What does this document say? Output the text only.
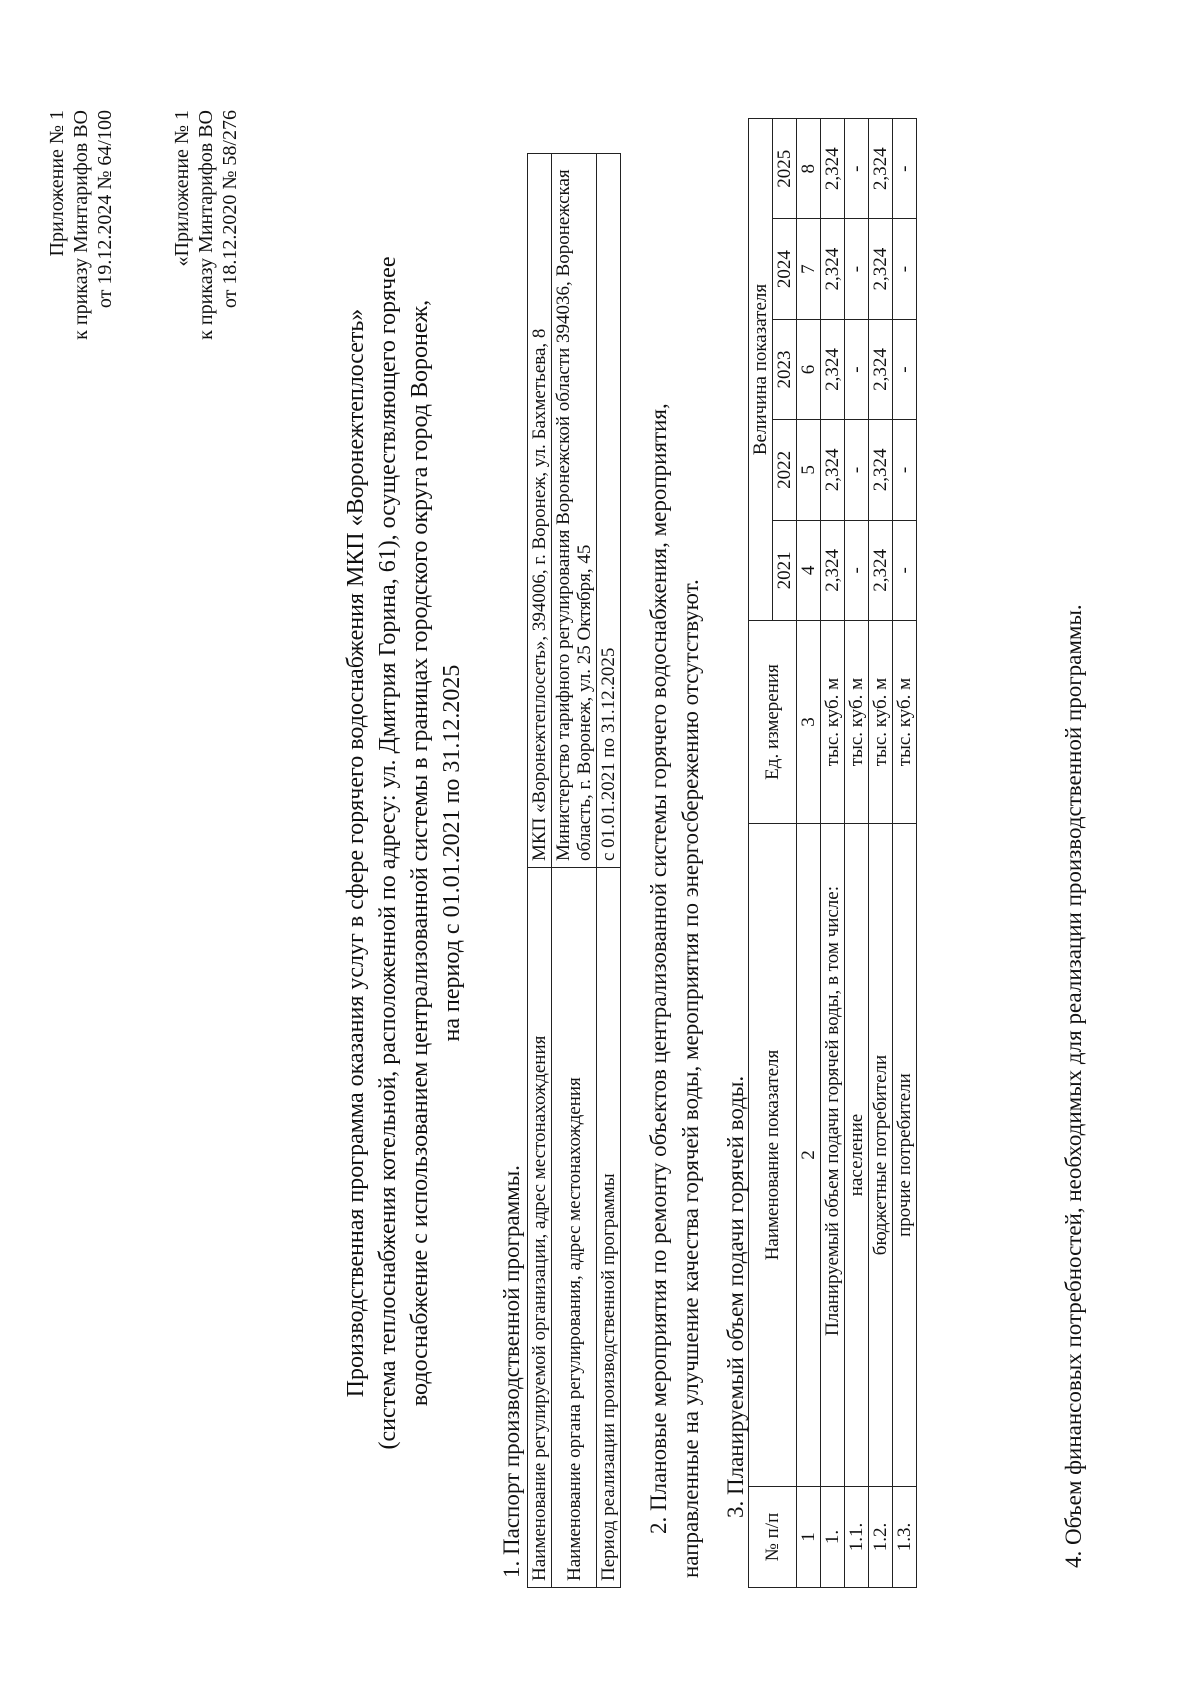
Приложение № 1 к приказу Минтарифов ВО от 19.12.2024 № 64/100	«Приложение № 1 к приказу Минтарифов ВО от 18.12.2020 № 58/276
Производственная программа оказания услуг в сфере горячего водоснабжения МКП «Воронежтеплосеть» (система теплоснабжения котельной, расположенной по адресу: ул. Дмитрия Горина, 61), осуществляющего горячее водоснабжение с использованием централизованной системы в границах городского округа город Воронеж, на период с 01.01.2021 по 31.12.2025
1. Паспорт производственной программы. Наименование регулируемой организации, адрес местонахождения	МКП «Воронежтеплосеть», 394006, г. Воронеж, ул. Бахметьева, 8
Наименование органа регулирования, адрес местонахождения	Министерство тарифного регулирования Воронежской области 394036, Воронежская область, г. Воронеж, ул. 25 Октября, 45
Период реализации производственной программы	с 01.01.2021 по 31.12.2025 2. Плановые мероприятия по ремонту объектов централизованной системы горячего водоснабжения, мероприятия, направленные на улучшение качества горячей воды, мероприятия по энергосбережению отсутствуют. 3. Планируемый объем подачи горячей воды.
№ п/п	Наименование показателя	Ед. измерения	Величина показателя				
			2021	2022	2023	2024	2025
1	2	3	4	5	6	7	8
1.	Планируемый объем подачи горячей воды, в том числе:	тыс. куб. м	2,324	2,324	2,324	2,324	2,324
1.1.	население	тыс. куб. м	-	-	-	-	-
1.2.	бюджетные потребители	тыс. куб. м	2,324	2,324	2,324	2,324	2,324
1.3.	прочие потребители	тыс. куб. м	-	-	-	-	-
4. Объем финансовых потребностей, необходимых для реализации производственной программы.
